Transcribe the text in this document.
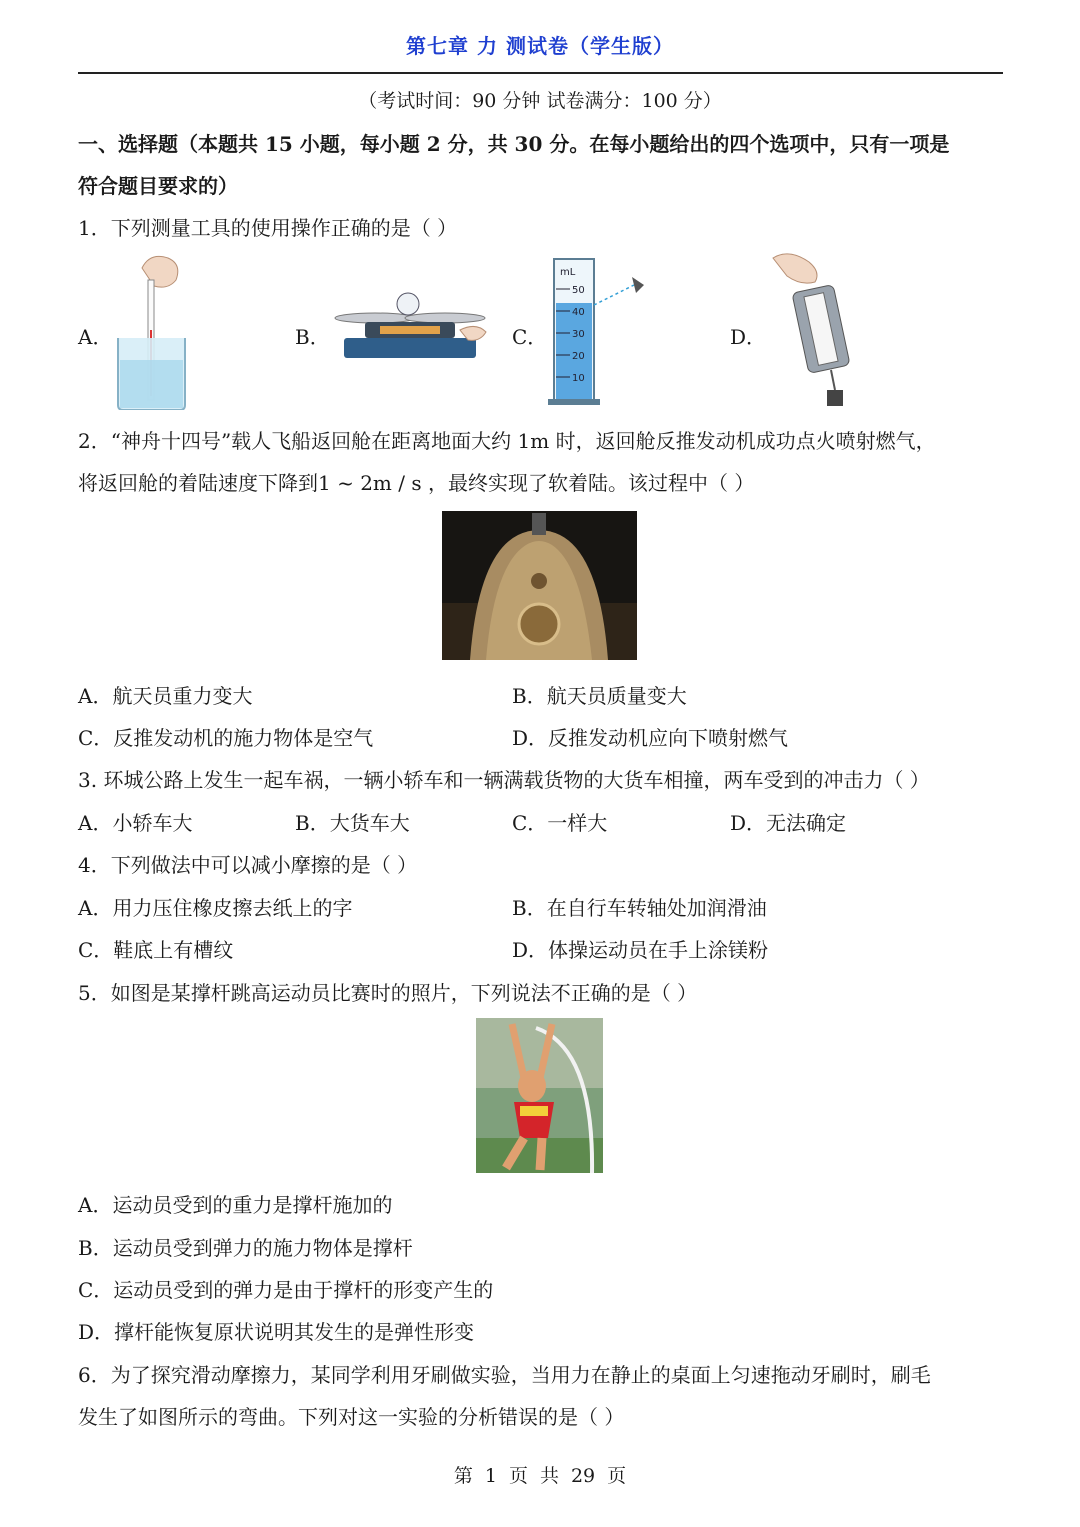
第七章 力 测试卷（学生版）
（考试时间：90 分钟 试卷满分：100 分）
一、选择题（本题共 15 小题，每小题 2 分，共 30 分。在每小题给出的四个选项中，只有一项是
符合题目要求的）
1．下列测量工具的使用操作正确的是（ ）
A．	B．	C．
mL
50
40
30
20
10
D．
2．“神舟十四号”载人飞船返回舱在距离地面大约 1m 时，返回舱反推发动机成功点火喷射燃气，
将返回舱的着陆速度下降到1 ~ 2m / s ，最终实现了软着陆。该过程中（ ）
A．航天员重力变大	B．航天员质量变大
C．反推发动机的施力物体是空气	D．反推发动机应向下喷射燃气
3. 环城公路上发生一起车祸，一辆小轿车和一辆满载货物的大货车相撞，两车受到的冲击力（ ）
A．小轿车大	B．大货车大	C．一样大	D．无法确定
4．下列做法中可以减小摩擦的是（ ）
A．用力压住橡皮擦去纸上的字	B．在自行车转轴处加润滑油
C．鞋底上有槽纹	D．体操运动员在手上涂镁粉
5．如图是某撑杆跳高运动员比赛时的照片，下列说法不正确的是（ ）
A．运动员受到的重力是撑杆施加的
B．运动员受到弹力的施力物体是撑杆
C．运动员受到的弹力是由于撑杆的形变产生的
D．撑杆能恢复原状说明其发生的是弹性形变
6．为了探究滑动摩擦力，某同学利用牙刷做实验，当用力在静止的桌面上匀速拖动牙刷时，刷毛
发生了如图所示的弯曲。下列对这一实验的分析错误的是（ ）
第 1 页 共 29 页
